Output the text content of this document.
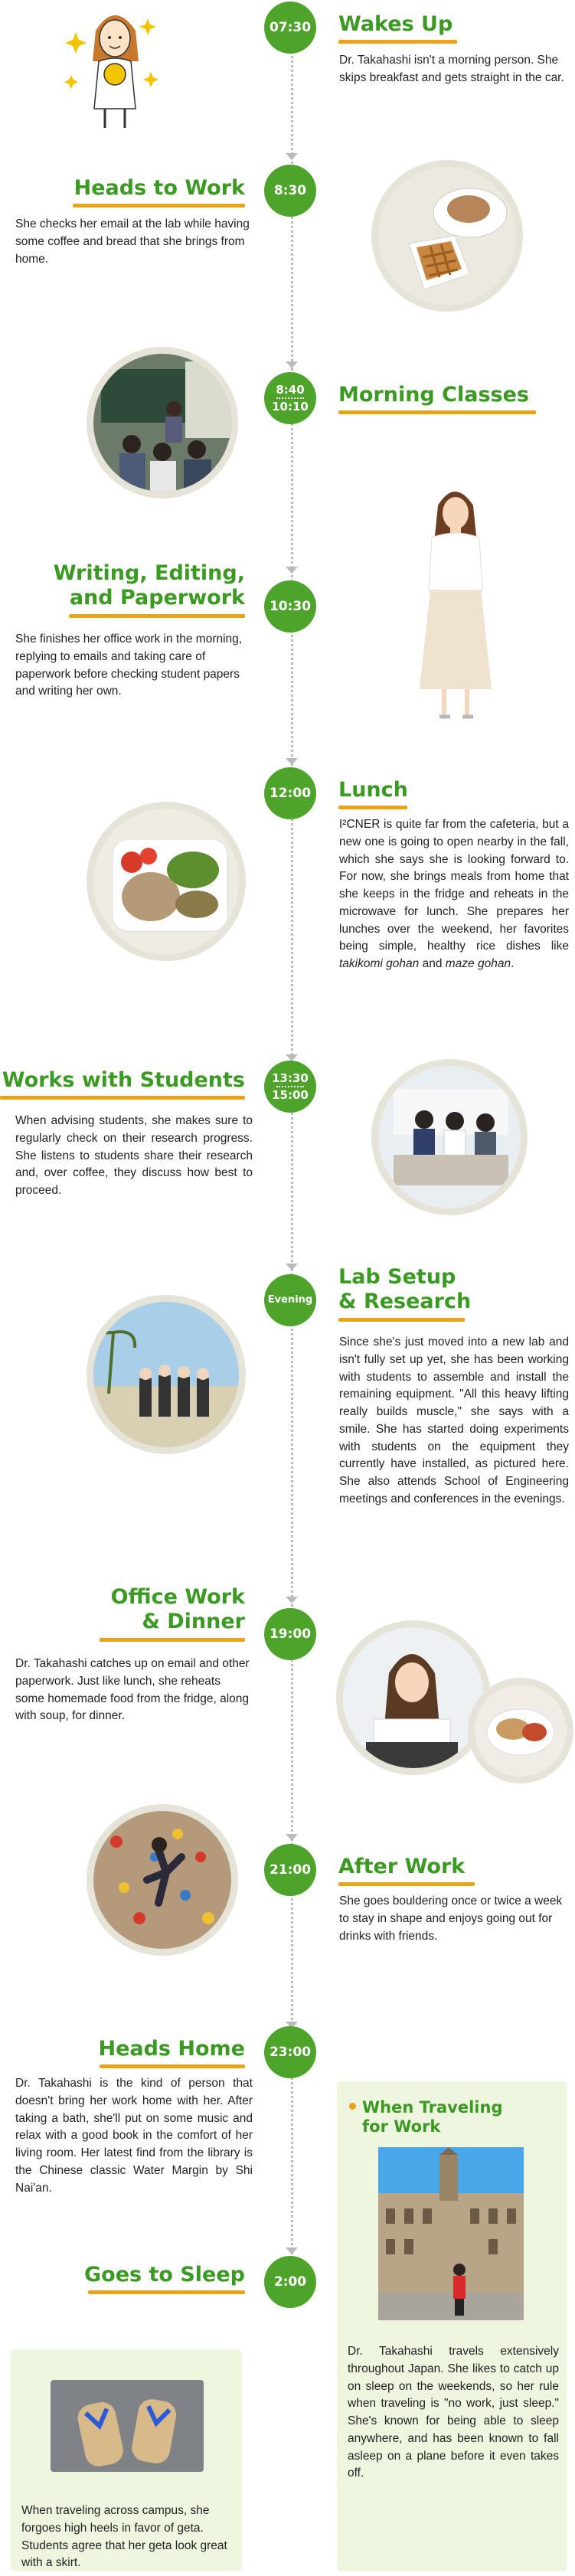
07:30 Wakes Up
Dr. Takahashi isn't a morning person. She skips breakfast and gets straight in the car.
Heads to Work 8:30
She checks her email at the lab while having some coffee and bread that she brings from home.
8:40
10:10 Morning Classes
Writing, Editing,
and Paperwork 10:30
She finishes her office work in the morning, replying to emails and taking care of paperwork before checking student papers and writing her own.
12:00 Lunch
I²CNER is quite far from the cafeteria, but a new one is going to open nearby in the fall, which she says she is looking forward to. For now, she brings meals from home that she keeps in the fridge and reheats in the microwave for lunch. She prepares her lunches over the weekend, her favorites being simple, healthy rice dishes like takikomi gohan and maze gohan.
Works with Students 13:30
15:00
When advising students, she makes sure to regularly check on their research progress. She listens to students share their research and, over coffee, they discuss how best to proceed.
Evening
Lab Setup
& Research
Since she's just moved into a new lab and isn't fully set up yet, she has been working with students to assemble and install the remaining equipment. "All this heavy lifting really builds muscle," she says with a smile. She has started doing experiments with students on the equipment they currently have installed, as pictured here. She also attends School of Engineering meetings and conferences in the evenings.
Office Work
& Dinner
19:00
Dr. Takahashi catches up on email and other paperwork. Just like lunch, she reheats some homemade food from the fridge, along with soup, for dinner.
21:00 After Work
She goes bouldering once or twice a week to stay in shape and enjoys going out for drinks with friends.
Heads Home 23:00
Dr. Takahashi is the kind of person that doesn't bring her work home with her. After taking a bath, she'll put on some music and relax with a good book in the comfort of her living room. Her latest find from the library is the Chinese classic Water Margin by Shi Nai'an.
Goes to Sleep 2:00
When traveling across campus, she forgoes high heels in favor of geta. Students agree that her geta look great with a skirt.
When Traveling
for Work
Dr. Takahashi travels extensively throughout Japan. She likes to catch up on sleep on the weekends, so her rule when traveling is "no work, just sleep." She's known for being able to sleep anywhere, and has been known to fall asleep on a plane before it even takes off.
